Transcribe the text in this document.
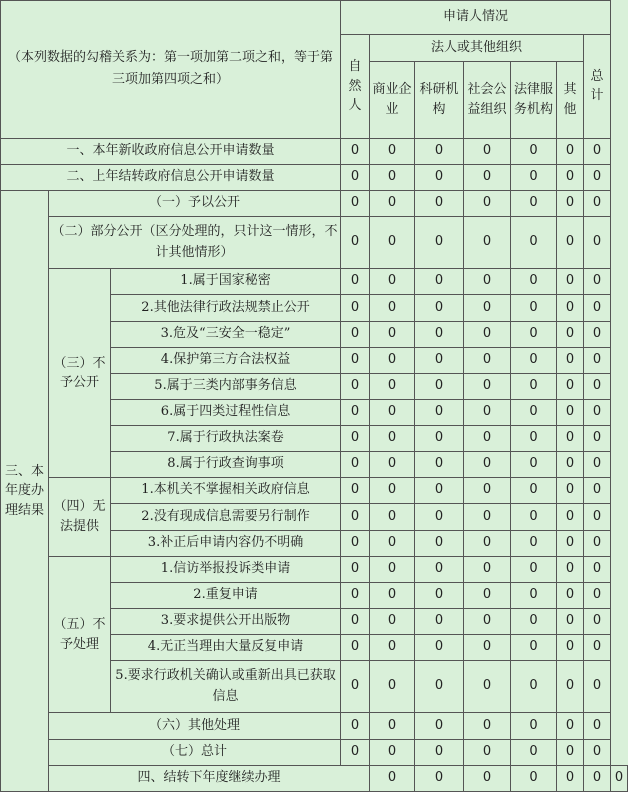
（本列数据的勾稽关系为：第一项加第二项之和，等于第三项加第四项之和）			申请人情况							

			自然人	法人或其他组织					总计	
				商业企业	科研机构	社会公益组织	法律服务机构	其他		
一、本年新收政府信息公开申请数量			0	0	0	0	0	0	0	
二、上年结转政府信息公开申请数量			0	0	0	0	0	0	0	
三、本年度办理结果	（一）予以公开		0	0	0	0	0	0	0	
	（二）部分公开（区分处理的，只计这一情形，不计其他情形）		0	0	0	0	0	0	0	
	（三）不予公开	1.属于国家秘密	0	0	0	0	0	0	0	
		2.其他法律行政法规禁止公开	0	0	0	0	0	0	0	
		3.危及“三安全一稳定”	0	0	0	0	0	0	0	
		4.保护第三方合法权益	0	0	0	0	0	0	0	
		5.属于三类内部事务信息	0	0	0	0	0	0	0	
		6.属于四类过程性信息	0	0	0	0	0	0	0	
		7.属于行政执法案卷	0	0	0	0	0	0	0	
		8.属于行政查询事项	0	0	0	0	0	0	0	
	（四）无法提供	1.本机关不掌握相关政府信息	0	0	0	0	0	0	0	
		2.没有现成信息需要另行制作	0	0	0	0	0	0	0	
		3.补正后申请内容仍不明确	0	0	0	0	0	0	0	
	（五）不予处理	1.信访举报投诉类申请	0	0	0	0	0	0	0	
		2.重复申请	0	0	0	0	0	0	0	
		3.要求提供公开出版物	0	0	0	0	0	0	0	
		4.无正当理由大量反复申请	0	0	0	0	0	0	0	
		5.要求行政机关确认或重新出具已获取信息	0	0	0	0	0	0	0	
	（六）其他处理		0	0	0	0	0	0	0	
	（七）总计		0	0	0	0	0	0	0	
	四、结转下年度继续办理			0	0	0	0	0	0	0
